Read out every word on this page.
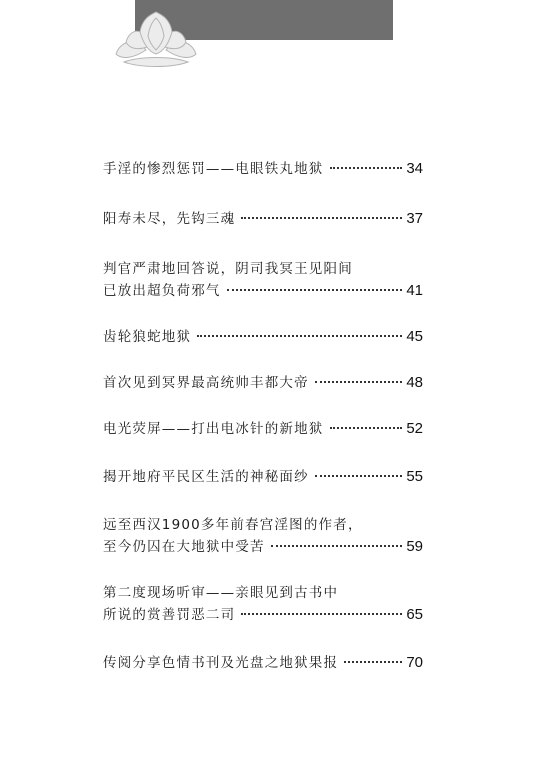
手淫的惨烈惩罚——电眼铁丸地狱	34
阳寿未尽，先钩三魂	37
判官严肃地回答说，阴司我冥王见阳间
已放出超负荷邪气	41
齿轮狼蛇地狱	45
首次见到冥界最高统帅丰都大帝	48
电光荧屏——打出电冰针的新地狱	52
揭开地府平民区生活的神秘面纱	55
远至西汉1900多年前春宫淫图的作者，
至今仍囚在大地狱中受苦	59
第二度现场听审——亲眼见到古书中
所说的赏善罚恶二司	65
传阅分享色情书刊及光盘之地狱果报	70
